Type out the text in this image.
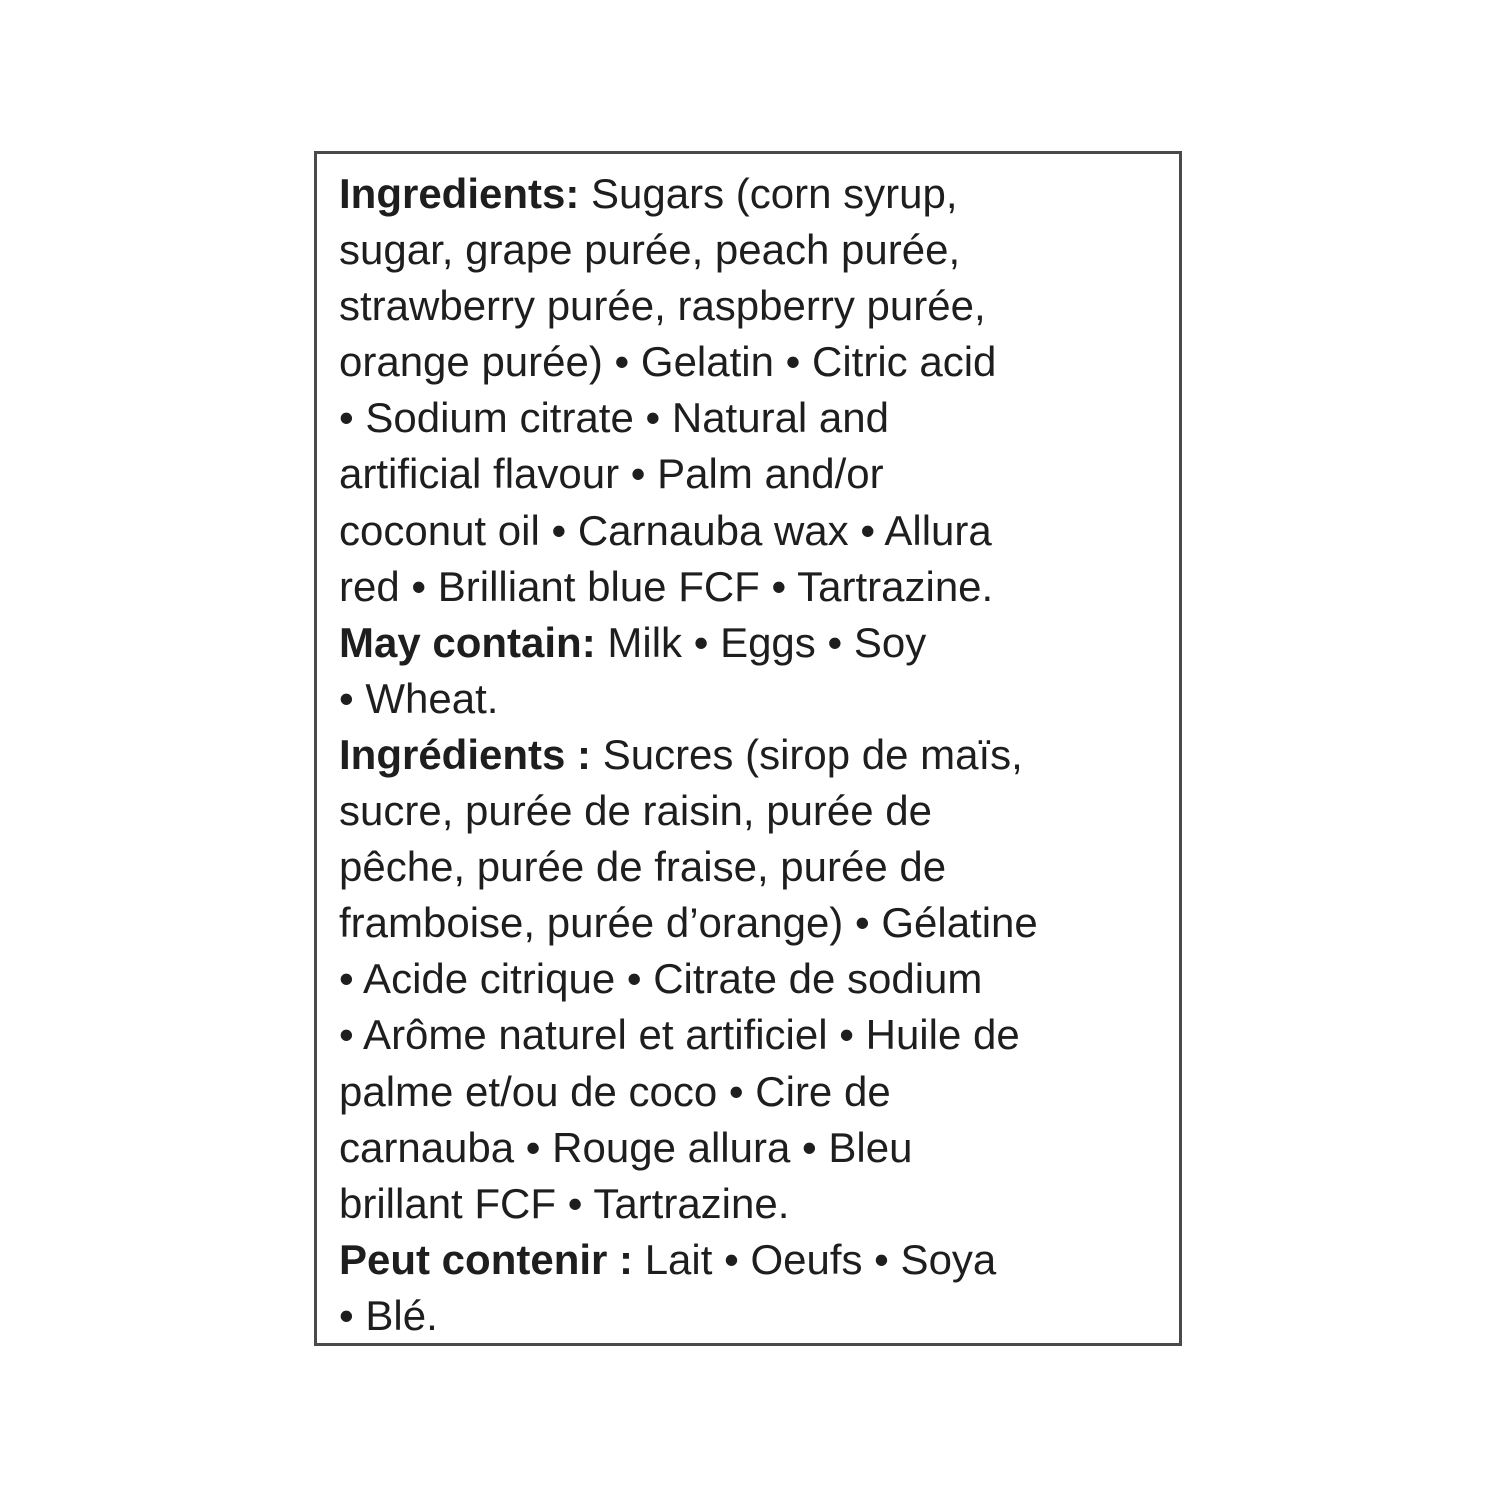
Ingredients: Sugars (corn syrup,
sugar, grape purée, peach purée,
strawberry purée, raspberry purée,
orange purée) • Gelatin • Citric acid
• Sodium citrate • Natural and
artificial flavour • Palm and/or
coconut oil • Carnauba wax • Allura
red • Brilliant blue FCF • Tartrazine.
May contain: Milk • Eggs • Soy
• Wheat.
Ingrédients : Sucres (sirop de maïs,
sucre, purée de raisin, purée de
pêche, purée de fraise, purée de
framboise, purée d’orange) • Gélatine
• Acide citrique • Citrate de sodium
• Arôme naturel et artificiel • Huile de
palme et/ou de coco • Cire de
carnauba • Rouge allura • Bleu
brillant FCF • Tartrazine.
Peut contenir : Lait • Oeufs • Soya
• Blé.
